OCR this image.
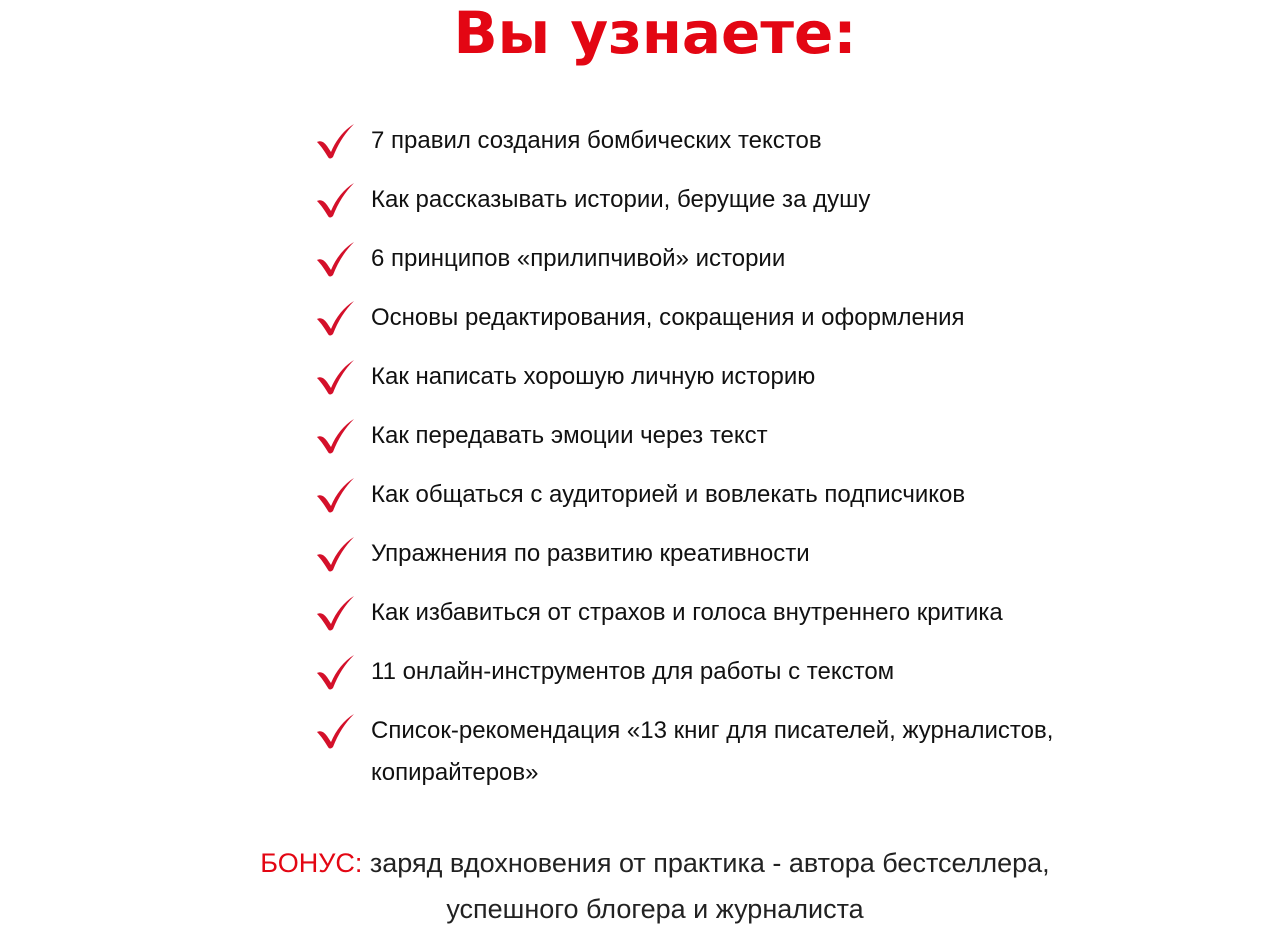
Вы узнаете:
7 правил создания бомбических текстов
Как рассказывать истории, берущие за душу
6 принципов «прилипчивой» истории
Основы редактирования, сокращения и оформления
Как написать хорошую личную историю
Как передавать эмоции через текст
Как общаться с аудиторией и вовлекать подписчиков
Упражнения по развитию креативности
Как избавиться от страхов и голоса внутреннего критика
11 онлайн-инструментов для работы с текстом
Список-рекомендация «13 книг для писателей, журналистов, копирайтеров»
БОНУС: заряд вдохновения от практика - автора бестселлера,
успешного блогера и журналиста
